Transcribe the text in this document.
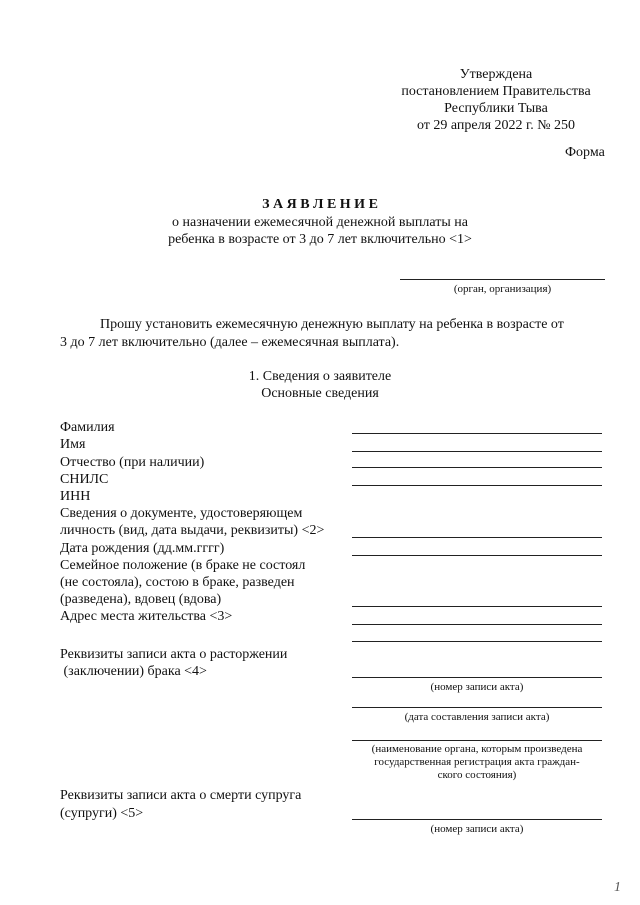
Утверждена
постановлением Правительства
Республики Тыва
от 29 апреля 2022 г. № 250
Форма
З А Я В Л Е Н И Е
о назначении ежемесячной денежной выплаты на
ребенка в возрасте от 3 до 7 лет включительно <1>
(орган, организация)
Прошу установить ежемесячную денежную выплату на ребенка в возрасте от
3 до 7 лет включительно (далее – ежемесячная выплата).
1. Сведения о заявителе
Основные сведения
Фамилия
Имя
Отчество (при наличии)
СНИЛС
ИНН
Сведения о документе, удостоверяющем
личность (вид, дата выдачи, реквизиты) <2>
Дата рождения (дд.мм.гггг)
Семейное положение (в браке не состоял
(не состояла), состою в браке, разведен
(разведена), вдовец (вдова)
Адрес места жительства <3>
Реквизиты записи акта о расторжении
(заключении) брака <4>
(номер записи акта)
(дата составления записи акта)
(наименование органа, которым произведена
государственная регистрация акта граждан-
ского состояния)
Реквизиты записи акта о смерти супруга
(супруги) <5>
(номер записи акта)
1
